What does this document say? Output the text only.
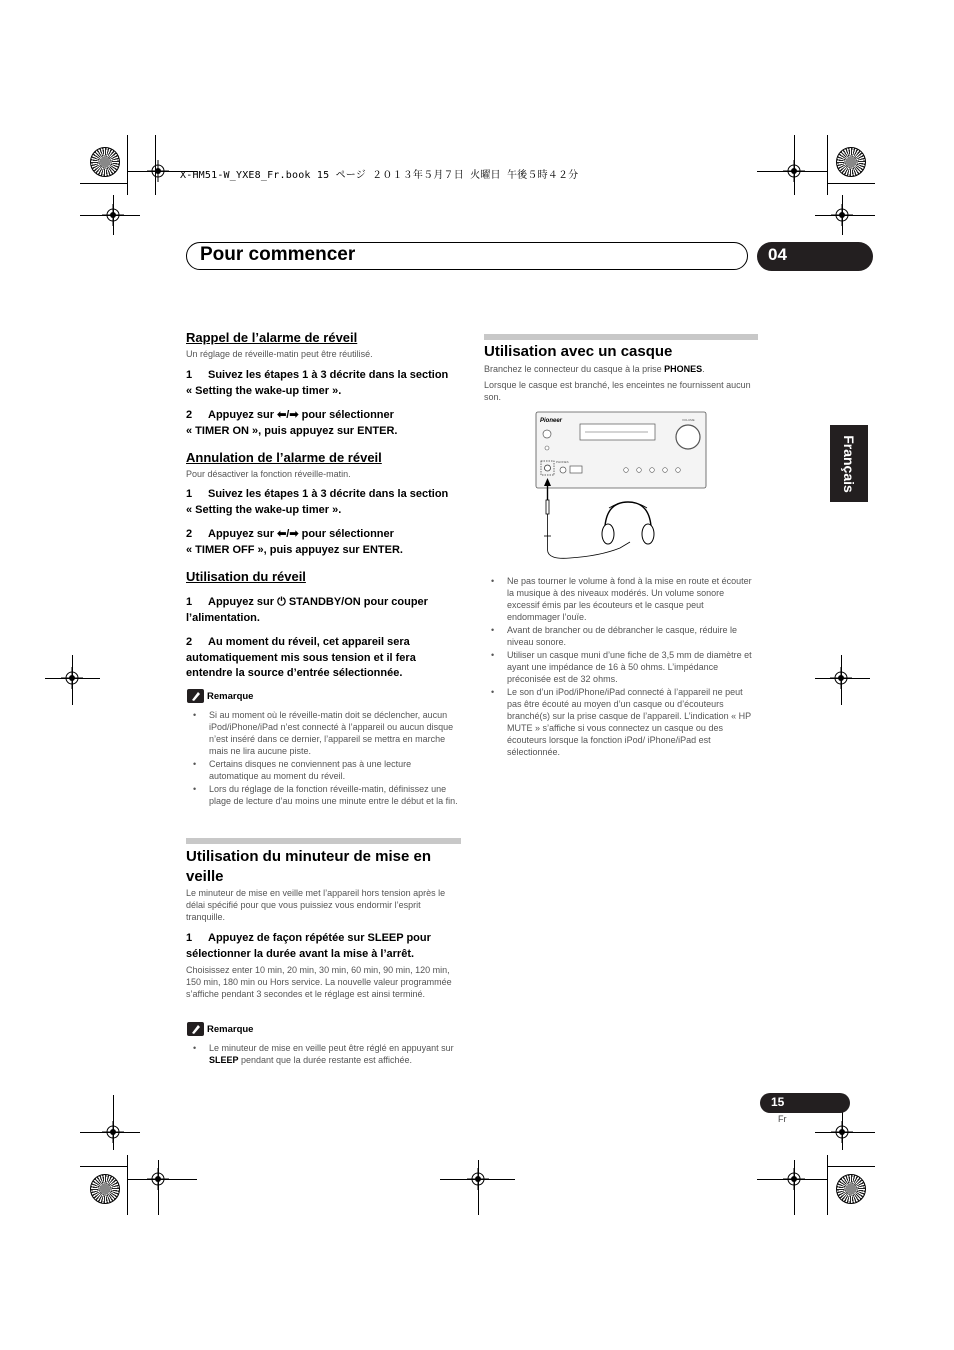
X-HM51-W_YXE8_Fr.book 15 ページ ２０１３年５月７日 火曜日 午後５時４２分
Pour commencer	04
Français
Rappel de l’alarme de réveil
Un réglage de réveille-matin peut être réutilisé.
1 Suivez les étapes 1 à 3 décrite dans la section
« Setting the wake-up timer ».
2 Appuyez sur ⬅/➡ pour sélectionner
« TIMER ON », puis appuyez sur ENTER.
Annulation de l’alarme de réveil
Pour désactiver la fonction réveille-matin.
1 Suivez les étapes 1 à 3 décrite dans la section
« Setting the wake-up timer ».
2 Appuyez sur ⬅/➡ pour sélectionner
« TIMER OFF », puis appuyez sur ENTER.
Utilisation du réveil
1 Appuyez sur ⏻ STANDBY/ON pour couper
l’alimentation.
2 Au moment du réveil, cet appareil sera
automatiquement mis sous tension et il fera
entendre la source d’entrée sélectionnée.
Remarque
• Si au moment où le réveille-matin doit se déclencher, aucun iPod/iPhone/iPad n’est connecté à l’appareil ou aucun disque n’est inséré dans ce dernier, l’appareil se mettra en marche mais ne lira aucune piste.
• Certains disques ne conviennent pas à une lecture automatique au moment du réveil.
• Lors du réglage de la fonction réveille-matin, définissez une plage de lecture d’au moins une minute entre le début et la fin.
Utilisation du minuteur de mise en
veille
Le minuteur de mise en veille met l’appareil hors tension après le délai spécifié pour que vous puissiez vous endormir l’esprit tranquille.
1 Appuyez de façon répétée sur SLEEP pour
sélectionner la durée avant la mise à l’arrêt.
Choisissez enter 10 min, 20 min, 30 min, 60 min, 90 min, 120 min, 150 min, 180 min ou Hors service. La nouvelle valeur programmée s’affiche pendant 3 secondes et le réglage est ainsi terminé.
Remarque
• Le minuteur de mise en veille peut être réglé en appuyant sur SLEEP pendant que la durée restante est affichée.
Utilisation avec un casque
Branchez le connecteur du casque à la prise PHONES.
Lorsque le casque est branché, les enceintes ne fournissent aucun son.
Pioneer	VOLUME
PHONES
• Ne pas tourner le volume à fond à la mise en route et écouter la musique à des niveaux modérés. Un volume sonore excessif émis par les écouteurs et le casque peut endommager l’ouïe.
• Avant de brancher ou de débrancher le casque, réduire le niveau sonore.
• Utiliser un casque muni d’une fiche de 3,5 mm de diamètre et ayant une impédance de 16 à 50 ohms. L’impédance préconisée est de 32 ohms.
• Le son d’un iPod/iPhone/iPad connecté à l’appareil ne peut pas être écouté au moyen d’un casque ou d’écouteurs branché(s) sur la prise casque de l’appareil. L’indication « HP MUTE » s’affiche si vous connectez un casque ou des écouteurs lorsque la fonction iPod/ iPhone/iPad est sélectionnée.
15
Fr
